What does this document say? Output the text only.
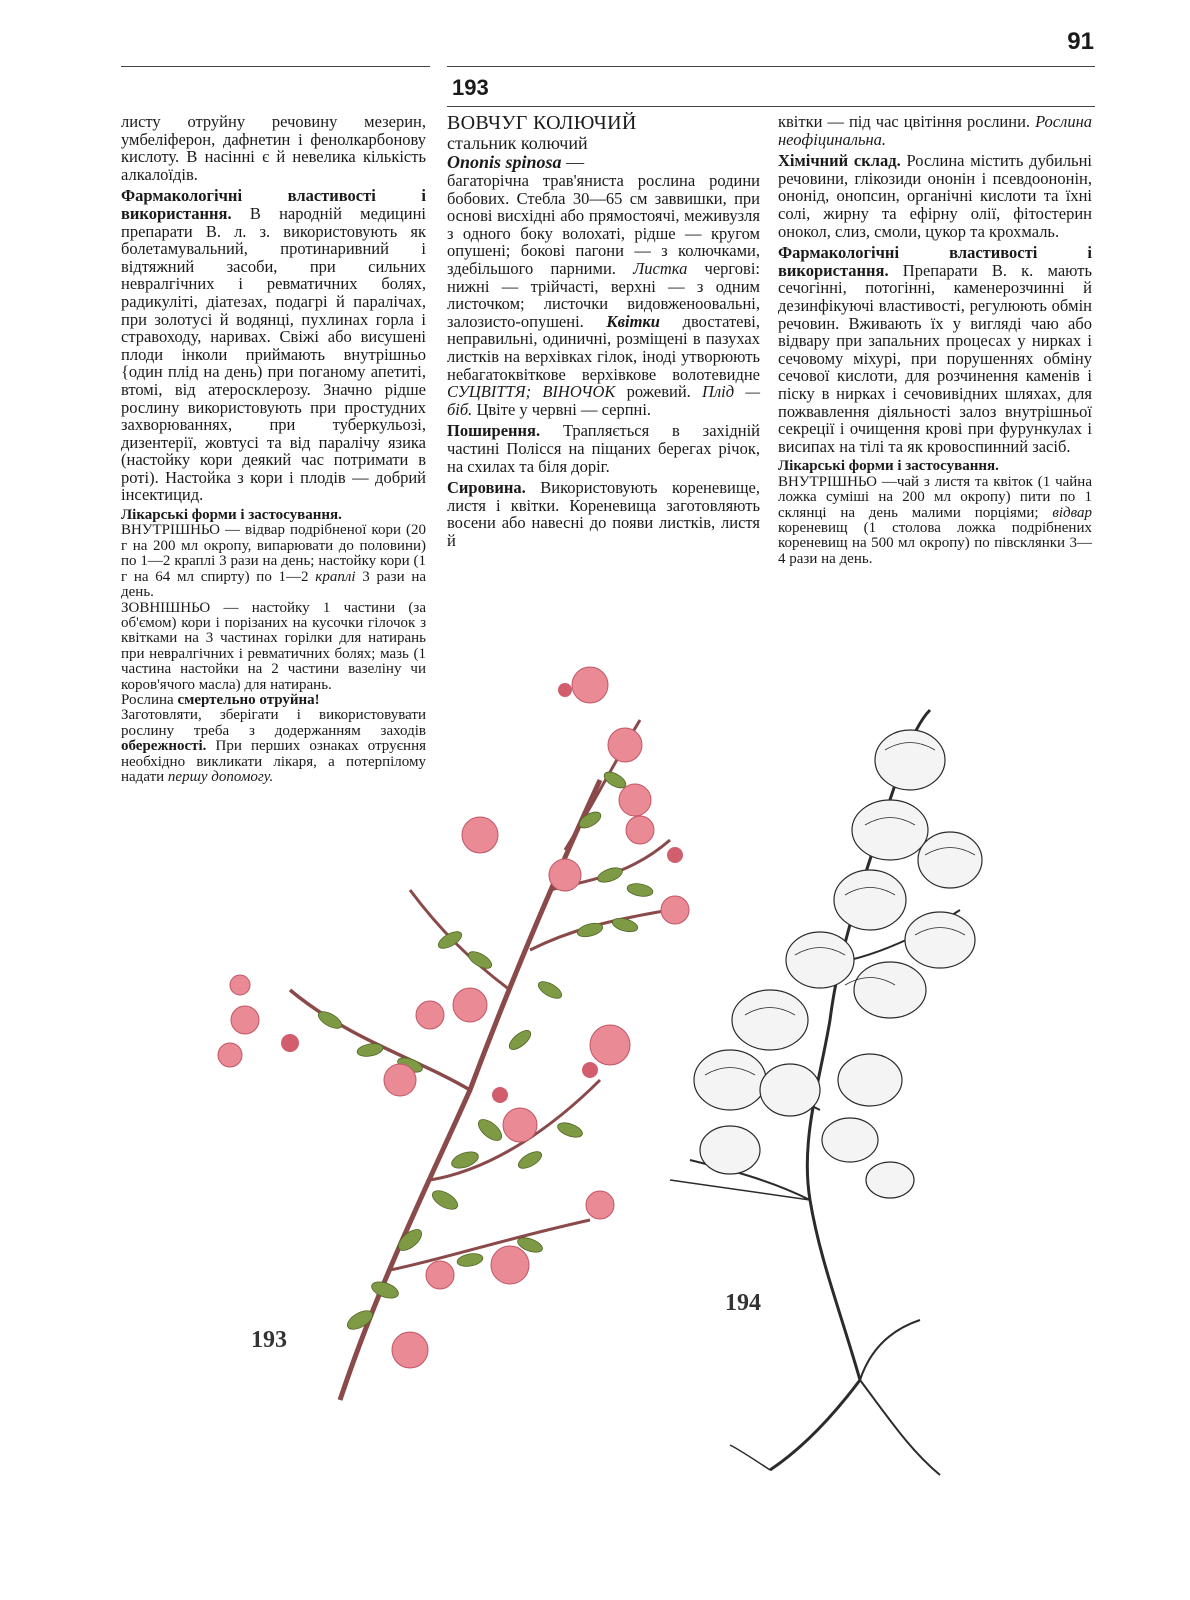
91
193

листу отруйну речовину мезерин, умбеліферон, дафнетин і фенолкарбонову кислоту. В насінні є й невелика кількість алкалоїдів.

Фармакологічні властивості і використання. В народній медицині препарати В. л. з. використовують як болетамувальний, протинаривний і відтяжний засоби, при сильних невралгічних і ревматичних болях, радикуліті, діатезах, подагрі й паралічах, при золотусі й водянці, пухлинах горла і стравоходу, наривах. Свіжі або висушені плоди інколи приймають внутрішньо {один плід на день) при поганому апетиті, втомі, від атеросклерозу. Значно рідше рослину використовують при простудних захворюваннях, при туберкульозі, дизентерії, жовтусі та від паралічу язика (настойку кори деякий час потримати в роті). Настойка з кори і плодів — добрий інсектицид.

Лікарські форми і застосування.

ВНУТРІШНЬО — відвар подрібненої кори (20 г на 200 мл окропу, випарювати до половини) по 1—2 краплі 3 рази на день; настойку кори (1 г на 64 мл спирту) по 1—2 краплі 3 рази на день.

ЗОВНІШНЬО — настойку 1 частини (за об'ємом) кори і порізаних на кусочки гілочок з квітками на 3 частинах горілки для натирань при невралгічних і ревматичних болях; мазь (1 частина настойки на 2 частини вазеліну чи коров'ячого масла) для натирань.

Рослина смертельно отруйна!

Заготовляти, зберігати і використовувати рослину треба з додержанням заходів обережності. При перших ознаках отруєння необхідно викликати лікаря, а потерпілому надати першу допомогу.

ВОВЧУГ КОЛЮЧИЙ
стальник колючий
Ononis spinosa —

багаторічна трав'яниста рослина родини бобових. Стебла 30—65 см заввишки, при основі висхідні або прямостоячі, меживузля з одного боку волохаті, рідше — кругом опушені; бокові пагони — з колючками, здебільшого парними. Листка чергові: нижні — трійчасті, верхні — з одним листочком; листочки видовженоовальні, залозисто-опушені. Квітки двостатеві, неправильні, одиничні, розміщені в пазухах листків на верхівках гілок, іноді утворюють небагатоквіткове верхівкове волотевидне СУЦВІТТЯ; ВІНОЧОК рожевий. Плід — біб. Цвіте у червні — серпні.

Поширення. Трапляється в західній частині Полісся на піщаних берегах річок, на схилах та біля доріг.

Сировина. Використовують кореневище, листя і квітки. Кореневища заготовляють восени або навесні до появи листків, листя й

квітки — під час цвітіння рослини. Рослина неофіцинальна.

Хімічний склад. Рослина містить дубильні речовини, глікозиди ононін і псевдоононін, ононід, онопсин, органічні кислоти та їхні солі, жирну та ефірну олії, фітостерин онокол, слиз, смоли, цукор та крохмаль.

Фармакологічні властивості і використання. Препарати В. к. мають сечогінні, потогінні, каменерозчинні й дезинфікуючі властивості, регулюють обмін речовин. Вживають їх у вигляді чаю або відвару при запальних процесах у нирках і сечовому міхурі, при порушеннях обміну сечової кислоти, для розчинення каменів і піску в нирках і сечовивідних шляхах, для пожвавлення діяльності залоз внутрішньої секреції і очищення крові при фурункулах і висипах на тілі та як кровоспинний засіб.

Лікарські форми і застосування.

ВНУТРІШНЬО —чай з листя та квіток (1 чайна ложка суміші на 200 мл окропу) пити по 1 склянці на день малими порціями; відвар кореневищ (1 столова ложка подрібнених кореневищ на 500 мл окропу) по півсклянки 3—4 рази на день.

193
194
